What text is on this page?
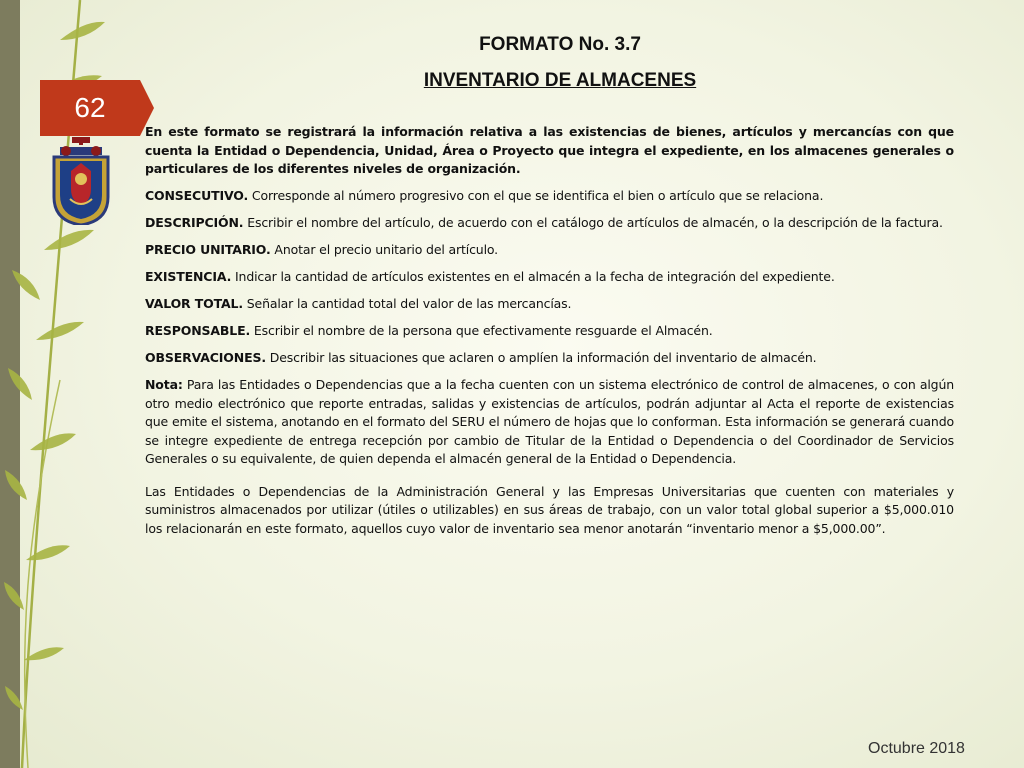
62
FORMATO No. 3.7
INVENTARIO DE ALMACENES

En este formato se registrará la información relativa a las existencias de bienes, artículos y mercancías con que cuenta la Entidad o Dependencia, Unidad, Área o Proyecto que integra el expediente, en los almacenes generales o particulares de los diferentes niveles de organización.

CONSECUTIVO. Corresponde al número progresivo con el que se identifica el bien o artículo que se relaciona.

DESCRIPCIÓN. Escribir el nombre del artículo, de acuerdo con el catálogo de artículos de almacén, o la descripción de la factura.

PRECIO UNITARIO. Anotar el precio unitario del artículo.

EXISTENCIA. Indicar la cantidad de artículos existentes en el almacén a la fecha de integración del expediente.

VALOR TOTAL. Señalar la cantidad total del valor de las mercancías.

RESPONSABLE. Escribir el nombre de la persona que efectivamente resguarde el Almacén.

OBSERVACIONES. Describir las situaciones que aclaren o amplíen la información del inventario de almacén.

Nota: Para las Entidades o Dependencias que a la fecha cuenten con un sistema electrónico de control de almacenes, o con algún otro medio electrónico que reporte entradas, salidas y existencias de artículos, podrán adjuntar al Acta el reporte de existencias que emite el sistema, anotando en el formato del SERU el número de hojas que lo conforman. Esta información se generará cuando se integre expediente de entrega recepción por cambio de Titular de la Entidad o Dependencia o del Coordinador de Servicios Generales o su equivalente, de quien dependa el almacén general de la Entidad o Dependencia.

Las Entidades o Dependencias de la Administración General y las Empresas Universitarias que cuenten con materiales y suministros almacenados por utilizar (útiles o utilizables) en sus áreas de trabajo, con un valor total global superior a $5,000.010 los relacionarán en este formato, aquellos cuyo valor de inventario sea menor anotarán “inventario menor a $5,000.00”.

Octubre 2018
